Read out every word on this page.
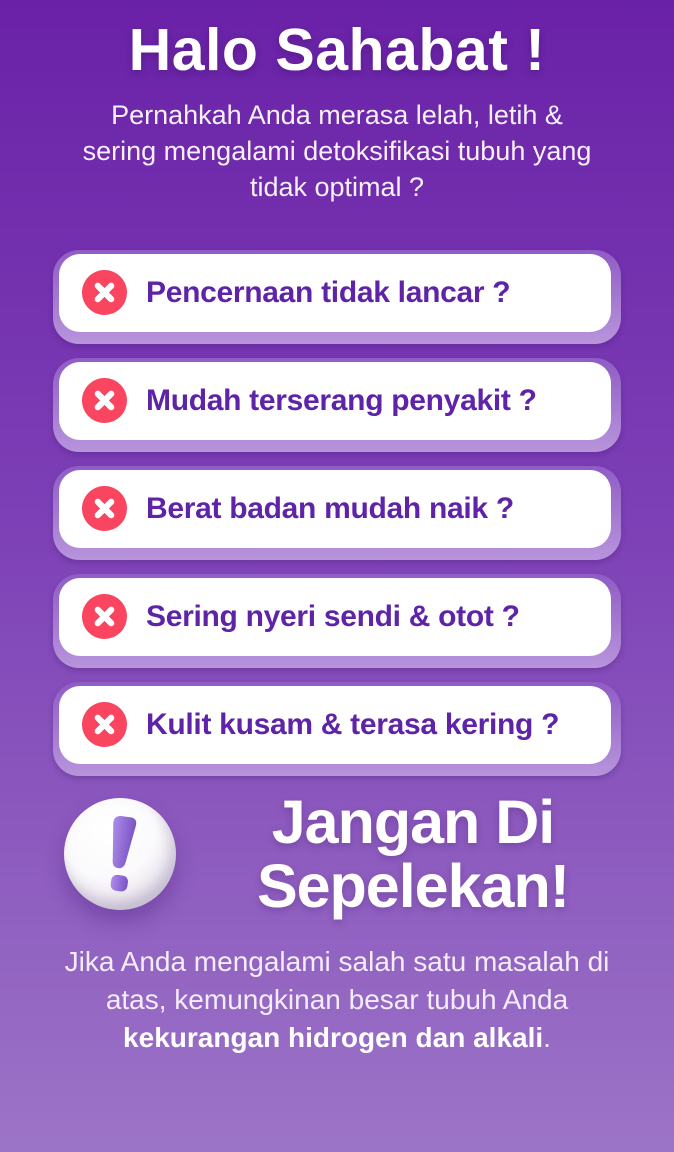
Halo Sahabat !

Pernahkah Anda merasa lelah, letih & sering mengalami detoksifikasi tubuh yang tidak optimal ?

Pencernaan tidak lancar ?
Mudah terserang penyakit ?
Berat badan mudah naik ?
Sering nyeri sendi & otot ?
Kulit kusam & terasa kering ?
Jangan Di Sepelekan!

Jika Anda mengalami salah satu masalah di atas, kemungkinan besar tubuh Anda kekurangan hidrogen dan alkali.
